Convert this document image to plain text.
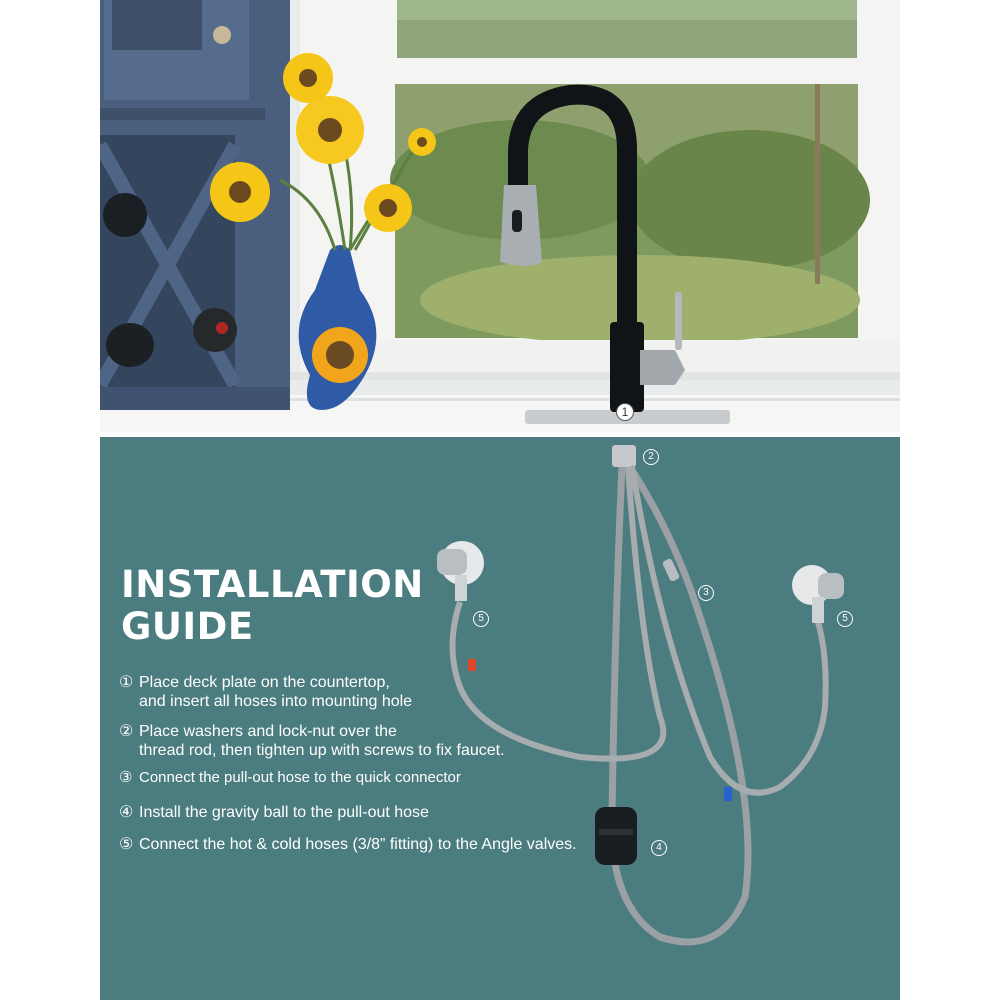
1
2
3
4
5	5
INSTALLATION
GUIDE
① Place deck plate on the countertop,
and insert all hoses into mounting hole
② Place washers and lock-nut over the
thread rod, then tighten up with screws to fix faucet.
③ Connect the pull-out hose to the quick connector
④ Install the gravity ball to the pull-out hose
⑤ Connect the hot & cold hoses (3/8” fitting) to the Angle valves.
